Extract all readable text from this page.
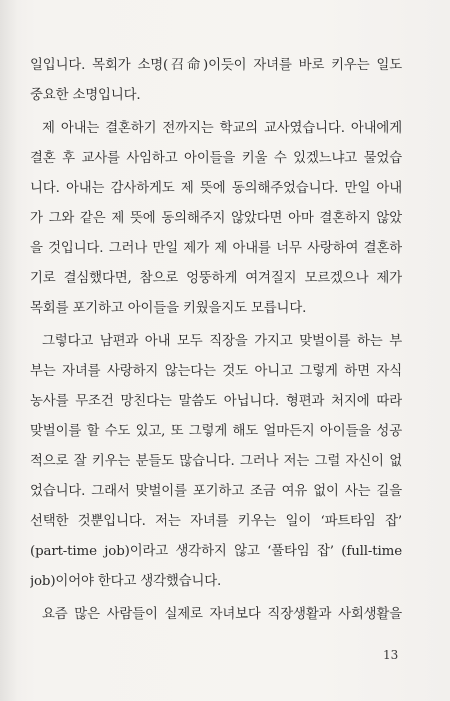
일입니다. 목회가 소명(召命)이듯이 자녀를 바로 키우는 일도
중요한 소명입니다.
제 아내는 결혼하기 전까지는 학교의 교사였습니다. 아내에게
결혼 후 교사를 사임하고 아이들을 키울 수 있겠느냐고 물었습
니다. 아내는 감사하게도 제 뜻에 동의해주었습니다. 만일 아내
가 그와 같은 제 뜻에 동의해주지 않았다면 아마 결혼하지 않았
을 것입니다. 그러나 만일 제가 제 아내를 너무 사랑하여 결혼하
기로 결심했다면, 참으로 엉뚱하게 여겨질지 모르겠으나 제가
목회를 포기하고 아이들을 키웠을지도 모릅니다.
그렇다고 남편과 아내 모두 직장을 가지고 맞벌이를 하는 부
부는 자녀를 사랑하지 않는다는 것도 아니고 그렇게 하면 자식
농사를 무조건 망친다는 말씀도 아닙니다. 형편과 처지에 따라
맞벌이를 할 수도 있고, 또 그렇게 해도 얼마든지 아이들을 성공
적으로 잘 키우는 분들도 많습니다. 그러나 저는 그럴 자신이 없
었습니다. 그래서 맞벌이를 포기하고 조금 여유 없이 사는 길을
선택한 것뿐입니다. 저는 자녀를 키우는 일이 ‘파트타임 잡’
(part-time job)이라고 생각하지 않고 ‘풀타임 잡’ (full-time
job)이어야 한다고 생각했습니다.
요즘 많은 사람들이 실제로 자녀보다 직장생활과 사회생활을
13
